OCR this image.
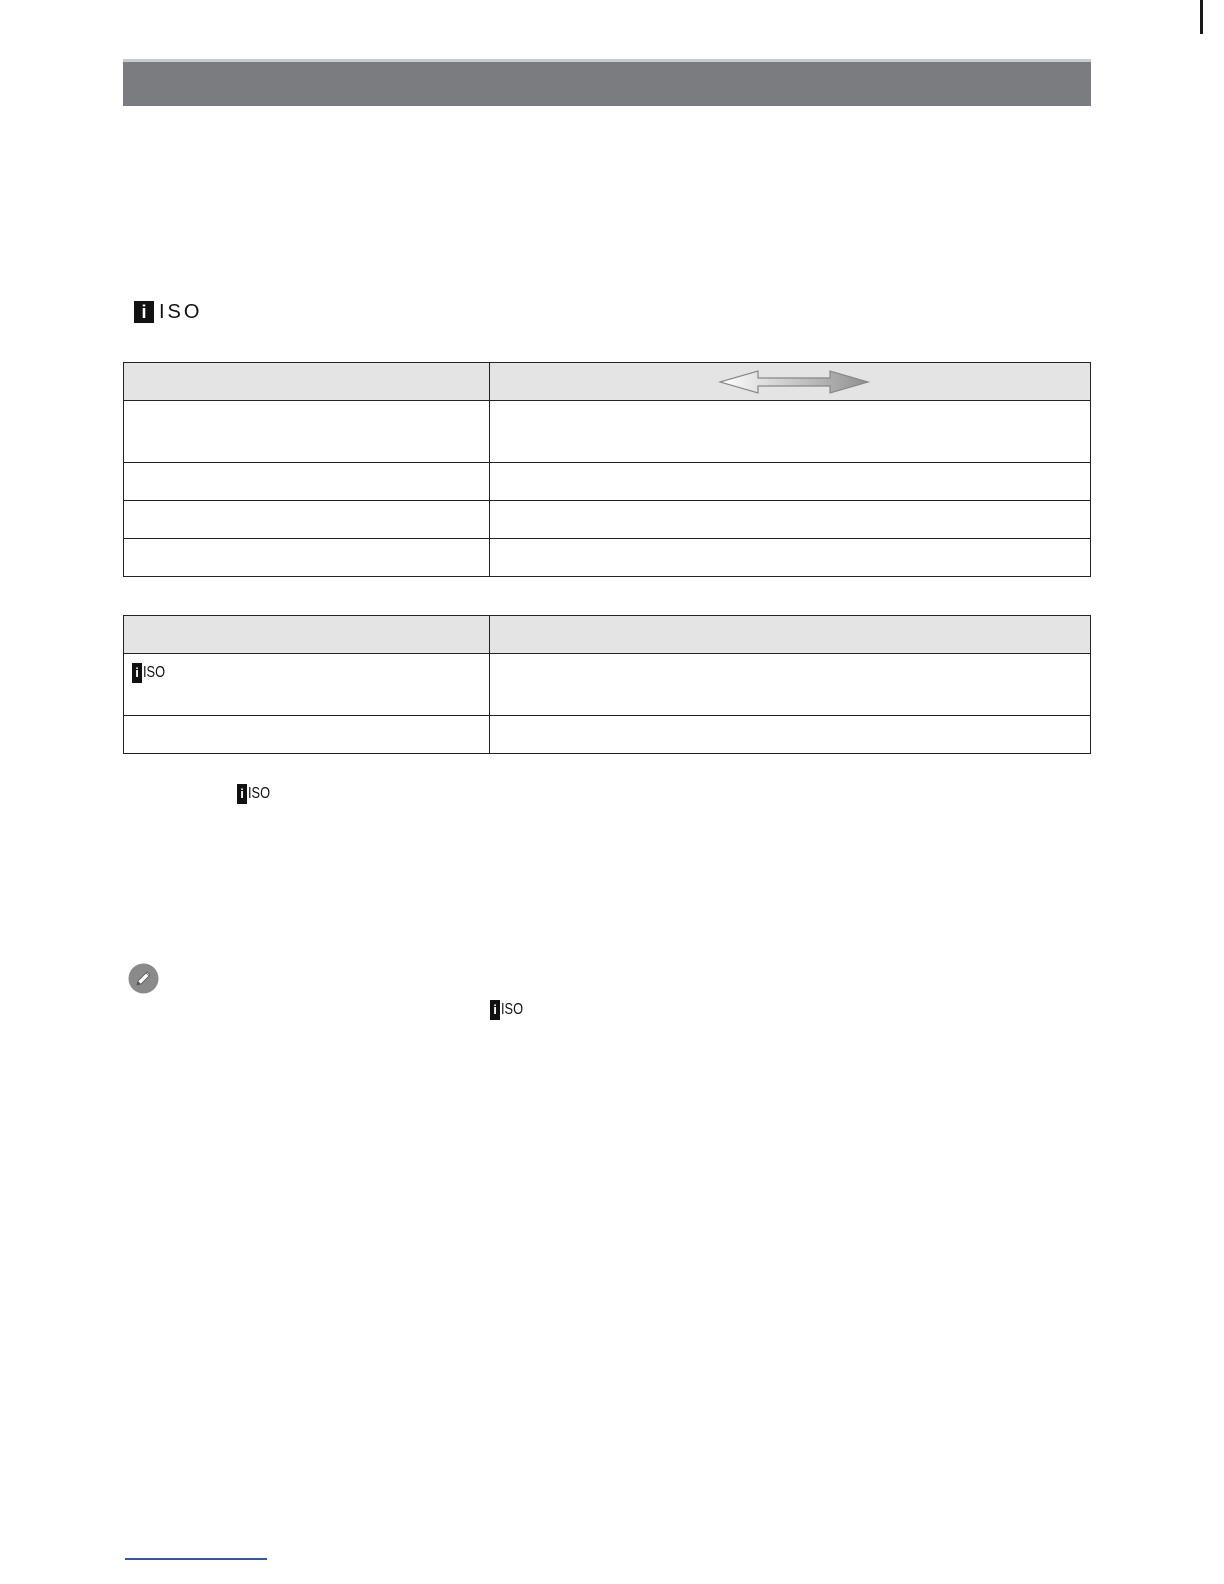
i ISO

i ISO	

i ISO
i ISO
